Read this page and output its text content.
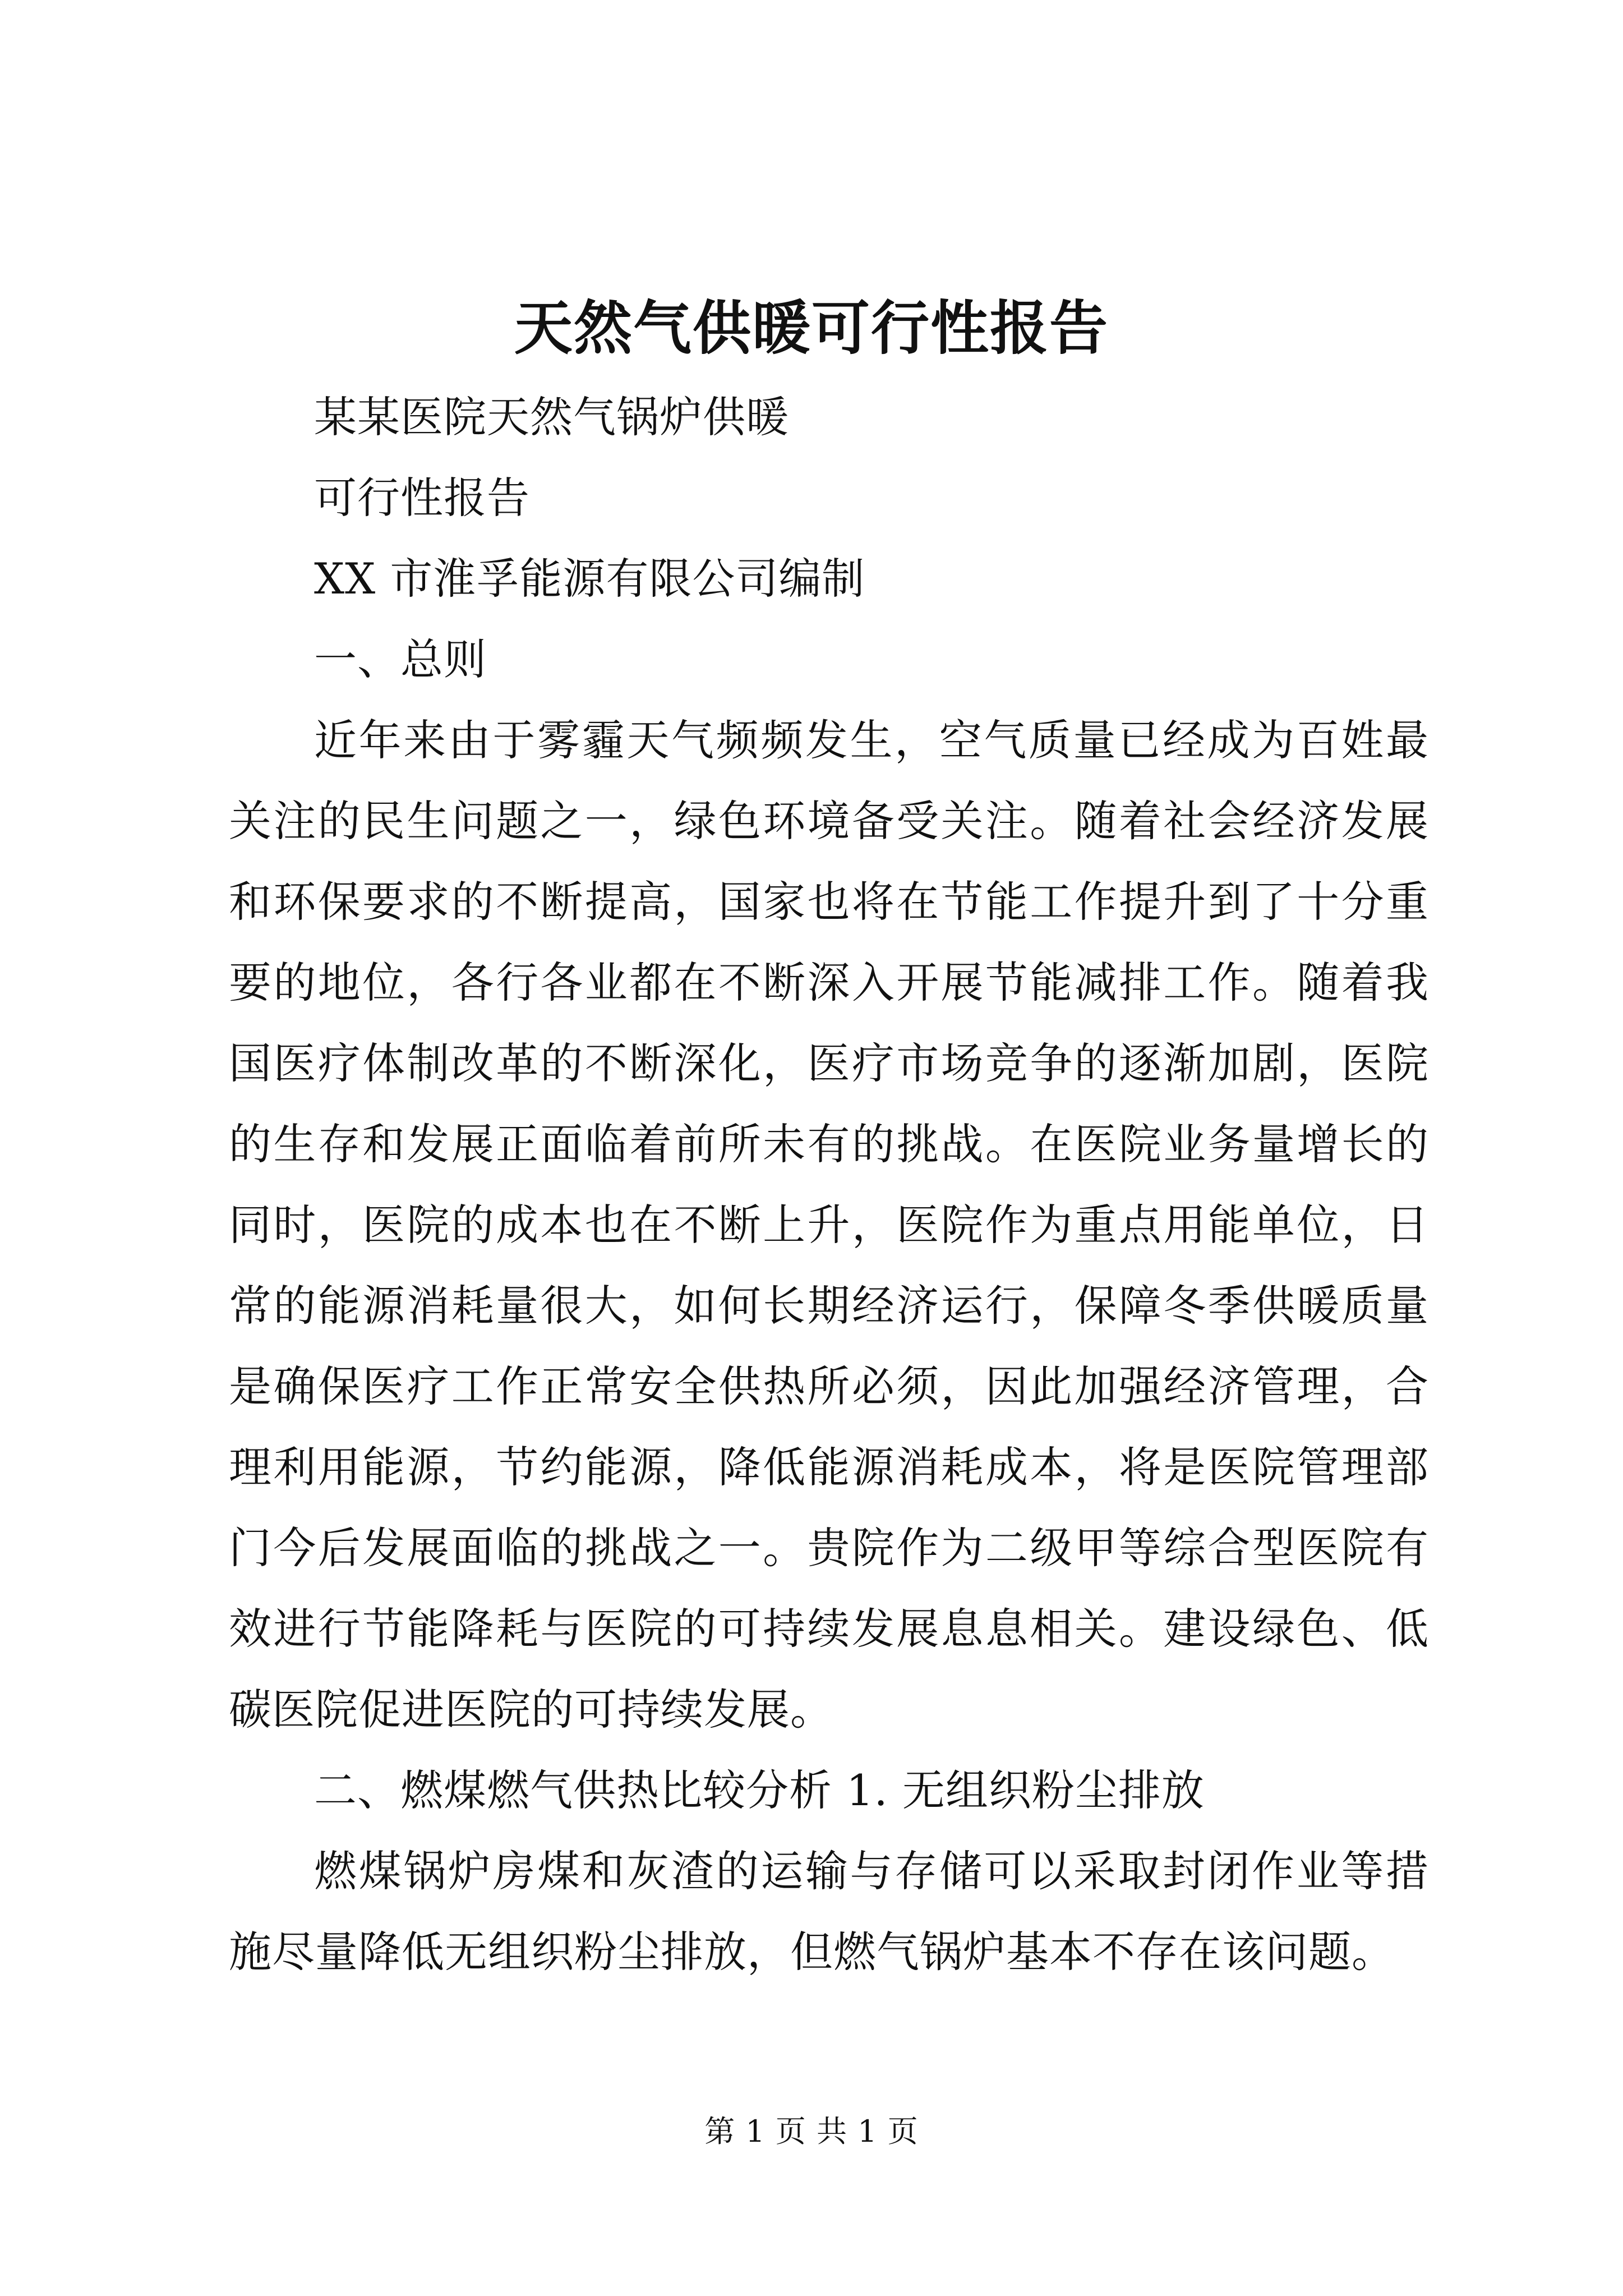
天然气供暖可行性报告

某某医院天然气锅炉供暖

可行性报告

XX 市淮孚能源有限公司编制

一、总则

近年来由于雾霾天气频频发生，空气质量已经成为百姓最关注的民生问题之一，绿色环境备受关注。随着社会经济发展和环保要求的不断提高，国家也将在节能工作提升到了十分重要的地位，各行各业都在不断深入开展节能减排工作。随着我国医疗体制改革的不断深化，医疗市场竞争的逐渐加剧，医院的生存和发展正面临着前所未有的挑战。在医院业务量增长的同时，医院的成本也在不断上升，医院作为重点用能单位，日常的能源消耗量很大，如何长期经济运行，保障冬季供暖质量是确保医疗工作正常安全供热所必须，因此加强经济管理，合理利用能源，节约能源，降低能源消耗成本，将是医院管理部门今后发展面临的挑战之一。贵院作为二级甲等综合型医院有效进行节能降耗与医院的可持续发展息息相关。建设绿色、低碳医院促进医院的可持续发展。

二、燃煤燃气供热比较分析 1. 无组织粉尘排放

燃煤锅炉房煤和灰渣的运输与存储可以采取封闭作业等措施尽量降低无组织粉尘排放，但燃气锅炉基本不存在该问题。

第 1 页 共 1 页
